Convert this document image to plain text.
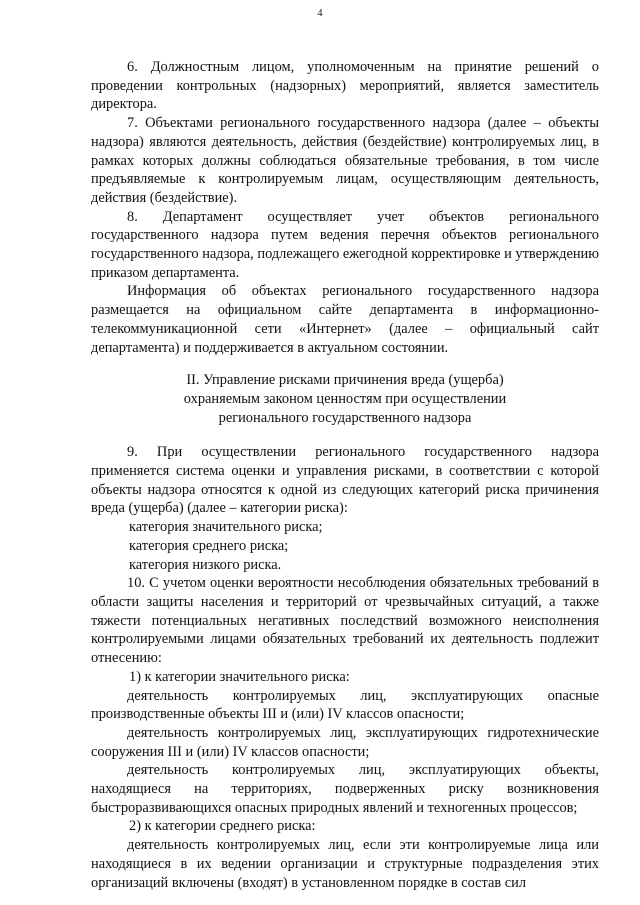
4

6. Должностным лицом, уполномоченным на принятие решений о проведении контрольных (надзорных) мероприятий, является заместитель директора.

7. Объектами регионального государственного надзора (далее – объекты надзора) являются деятельность, действия (бездействие) контролируемых лиц, в рамках которых должны соблюдаться обязательные требования, в том числе предъявляемые к контролируемым лицам, осуществляющим деятельность, действия (бездействие).

8. Департамент осуществляет учет объектов регионального государственного надзора путем ведения перечня объектов регионального государственного надзора, подлежащего ежегодной корректировке и утверждению приказом департамента.

Информация об объектах регионального государственного надзора размещается на официальном сайте департамента в информационно-телекоммуникационной сети «Интернет» (далее – официальный сайт департамента) и поддерживается в актуальном состоянии.

II. Управление рисками причинения вреда (ущерба)
охраняемым законом ценностям при осуществлении
регионального государственного надзора

9. При осуществлении регионального государственного надзора применяется система оценки и управления рисками, в соответствии с которой объекты надзора относятся к одной из следующих категорий риска причинения вреда (ущерба) (далее – категории риска):

категория значительного риска;

категория среднего риска;

категория низкого риска.

10. С учетом оценки вероятности несоблюдения обязательных требований в области защиты населения и территорий от чрезвычайных ситуаций, а также тяжести потенциальных негативных последствий возможного неисполнения контролируемыми лицами обязательных требований их деятельность подлежит отнесению:

1) к категории значительного риска:

деятельность контролируемых лиц, эксплуатирующих опасные производственные объекты III и (или) IV классов опасности;

деятельность контролируемых лиц, эксплуатирующих гидротехнические сооружения III и (или) IV классов опасности;

деятельность контролируемых лиц, эксплуатирующих объекты, находящиеся на территориях, подверженных риску возникновения быстроразвивающихся опасных природных явлений и техногенных процессов;

2) к категории среднего риска:

деятельность контролируемых лиц, если эти контролируемые лица или находящиеся в их ведении организации и структурные подразделения этих организаций включены (входят) в установленном порядке в состав сил
